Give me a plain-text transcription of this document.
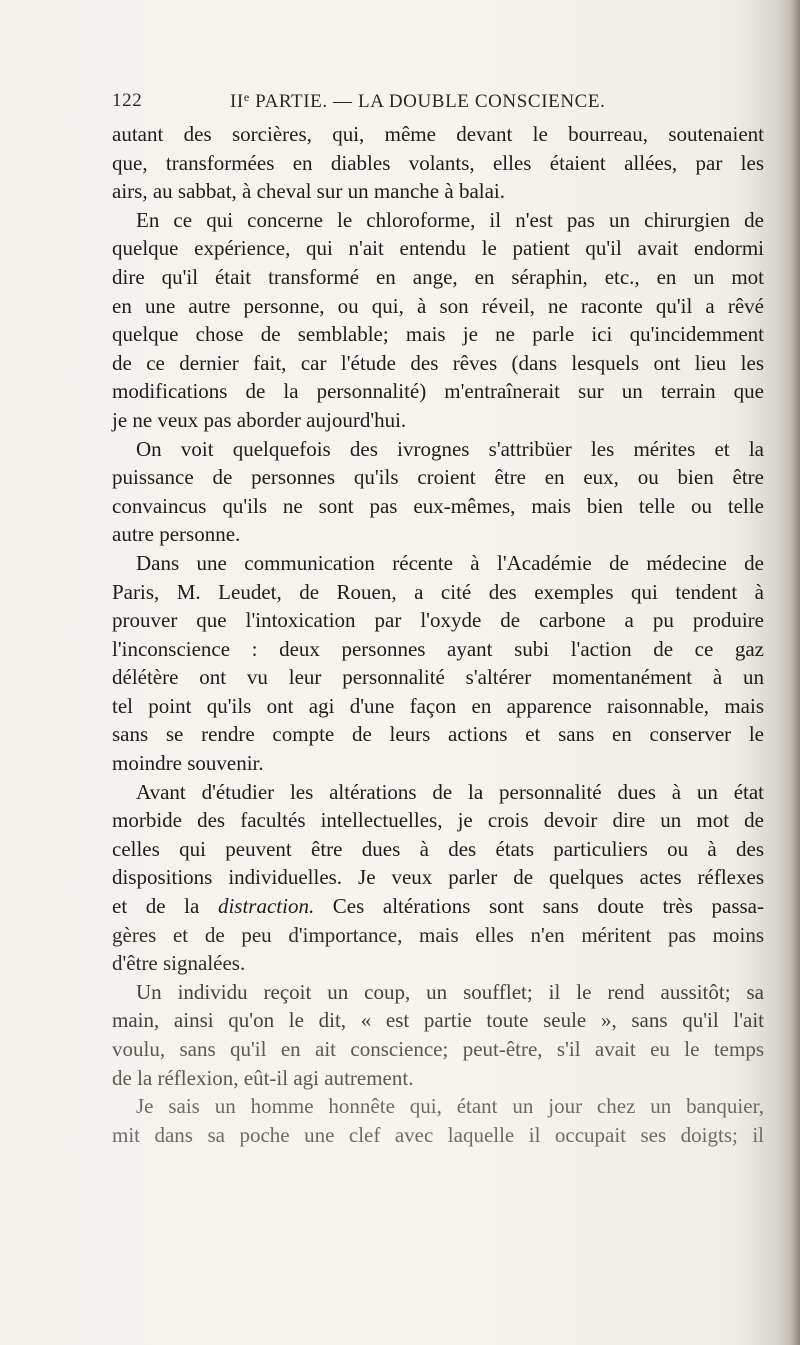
122	IIe PARTIE. — LA DOUBLE CONSCIENCE.
autant des sorcières, qui, même devant le bourreau, soutenaient
que, transformées en diables volants, elles étaient allées, par les
airs, au sabbat, à cheval sur un manche à balai.
En ce qui concerne le chloroforme, il n'est pas un chirurgien de
quelque expérience, qui n'ait entendu le patient qu'il avait endormi
dire qu'il était transformé en ange, en séraphin, etc., en un mot
en une autre personne, ou qui, à son réveil, ne raconte qu'il a rêvé
quelque chose de semblable; mais je ne parle ici qu'incidemment
de ce dernier fait, car l'étude des rêves (dans lesquels ont lieu les
modifications de la personnalité) m'entraînerait sur un terrain que
je ne veux pas aborder aujourd'hui.
On voit quelquefois des ivrognes s'attribüer les mérites et la
puissance de personnes qu'ils croient être en eux, ou bien être
convaincus qu'ils ne sont pas eux-mêmes, mais bien telle ou telle
autre personne.
Dans une communication récente à l'Académie de médecine de
Paris, M. Leudet, de Rouen, a cité des exemples qui tendent à
prouver que l'intoxication par l'oxyde de carbone a pu produire
l'inconscience : deux personnes ayant subi l'action de ce gaz
délétère ont vu leur personnalité s'altérer momentanément à un
tel point qu'ils ont agi d'une façon en apparence raisonnable, mais
sans se rendre compte de leurs actions et sans en conserver le
moindre souvenir.
Avant d'étudier les altérations de la personnalité dues à un état
morbide des facultés intellectuelles, je crois devoir dire un mot de
celles qui peuvent être dues à des états particuliers ou à des
dispositions individuelles. Je veux parler de quelques actes réflexes
et de la distraction. Ces altérations sont sans doute très passa-
gères et de peu d'importance, mais elles n'en méritent pas moins
d'être signalées.
Un individu reçoit un coup, un soufflet; il le rend aussitôt; sa
main, ainsi qu'on le dit, « est partie toute seule », sans qu'il l'ait
voulu, sans qu'il en ait conscience; peut-être, s'il avait eu le temps
de la réflexion, eût-il agi autrement.
Je sais un homme honnête qui, étant un jour chez un banquier,
mit dans sa poche une clef avec laquelle il occupait ses doigts; il
